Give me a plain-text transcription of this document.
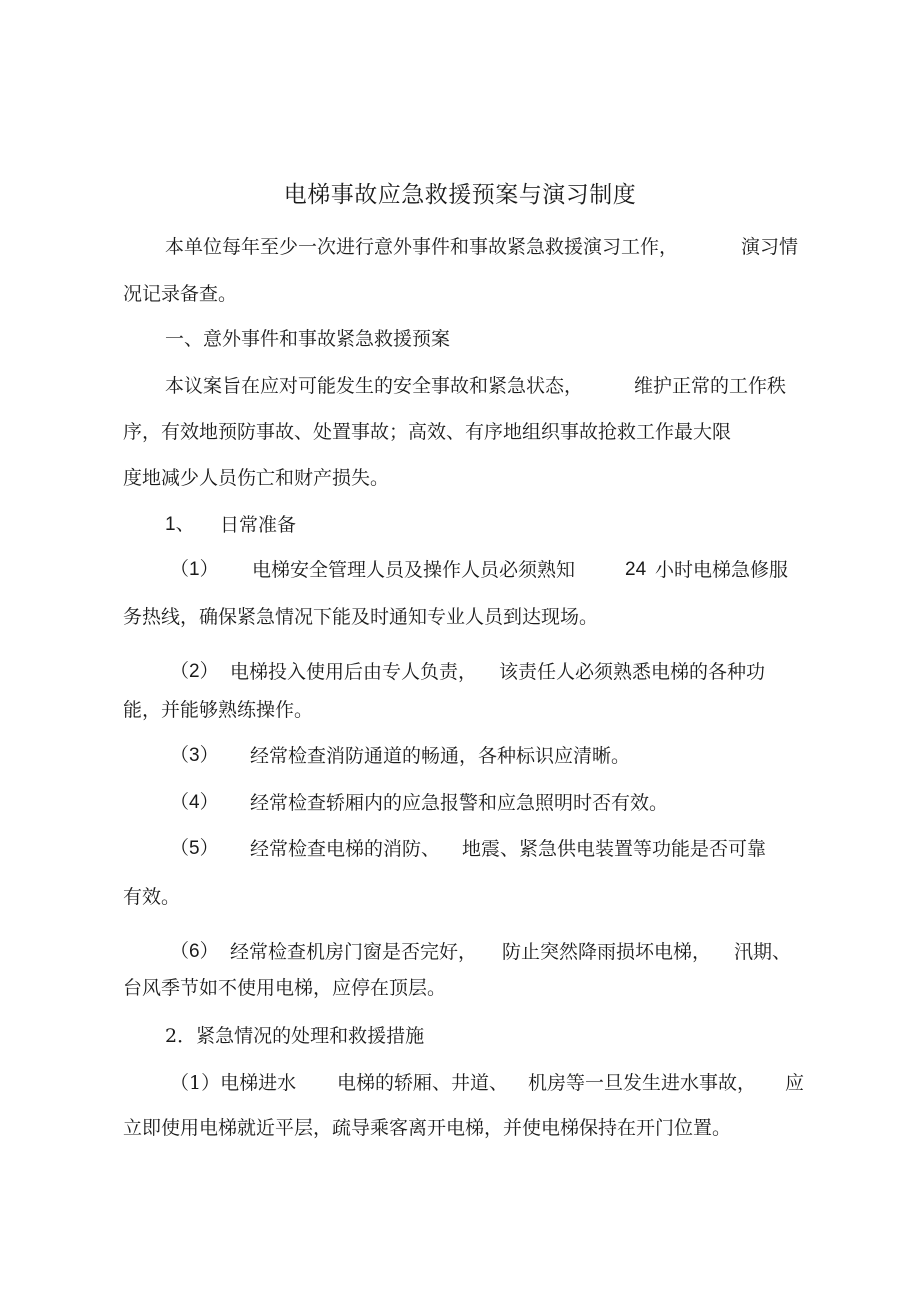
电梯事故应急救援预案与演习制度
本单位每年至少一次进行意外事件和事故紧急救援演习工作，	演习情
况记录备查。
一、意外事件和事故紧急救援预案
本议案旨在应对可能发生的安全事故和紧急状态，	维护正常的工作秩
序，有效地预防事故、处置事故；高效、有序地组织事故抢救工作最大限
度地减少人员伤亡和财产损失。
1、 日常准备
（1） 电梯安全管理人员及操作人员必须熟知	24 小时电梯急修服
务热线，确保紧急情况下能及时通知专业人员到达现场。
（2） 电梯投入使用后由专人负责， 该责任人必须熟悉电梯的各种功
能，并能够熟练操作。
（3） 经常检查消防通道的畅通，各种标识应清晰。
（4） 经常检查轿厢内的应急报警和应急照明时否有效。
（5） 经常检查电梯的消防、 地震、紧急供电装置等功能是否可靠
有效。
（6） 经常检查机房门窗是否完好， 防止突然降雨损坏电梯， 汛期、
台风季节如不使用电梯，应停在顶层。
2．紧急情况的处理和救援措施
（1）电梯进水 电梯的轿厢、井道、 机房等一旦发生进水事故， 应
立即使用电梯就近平层，疏导乘客离开电梯，并使电梯保持在开门位置。
